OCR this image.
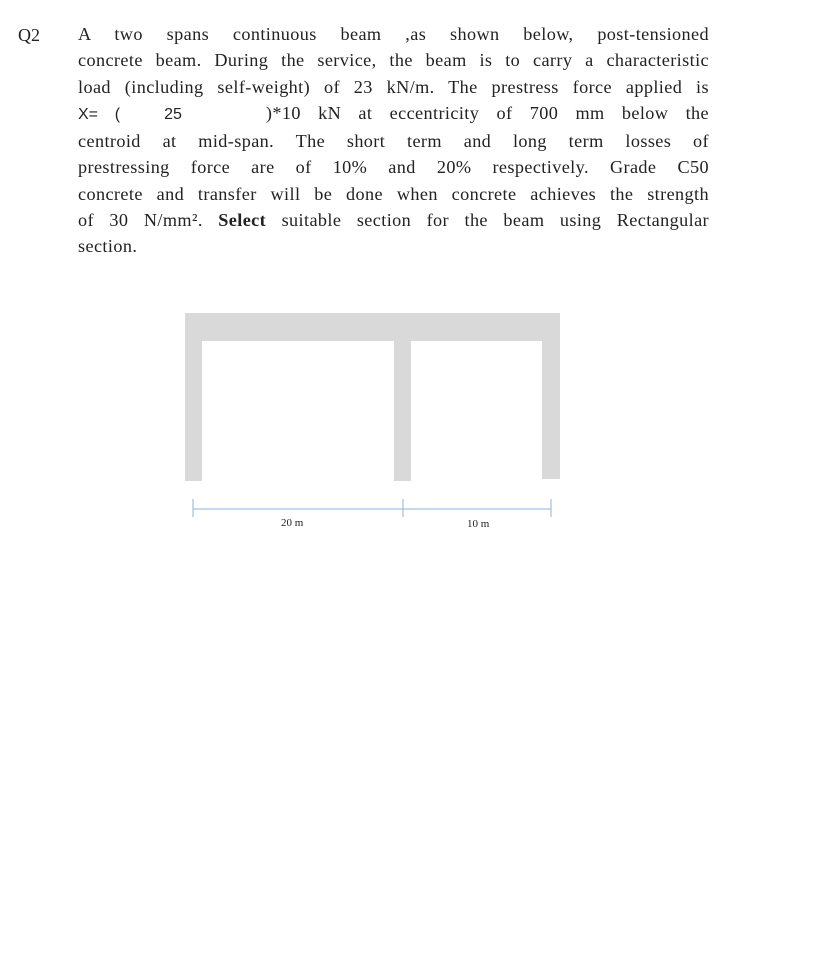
Q2 A two spans continuous beam ,as shown below, post-tensioned
concrete beam. During the service, the beam is to carry a characteristic
load (including self-weight) of 23 kN/m. The prestress force applied is
X= (	25	)*10 kN at eccentricity of 700 mm below the
centroid at mid-span. The short term and long term losses of
prestressing force are of 10% and 20% respectively. Grade C50
concrete and transfer will be done when concrete achieves the strength
of 30 N/mm². Select suitable section for the beam using Rectangular
section.
20 m	10 m
